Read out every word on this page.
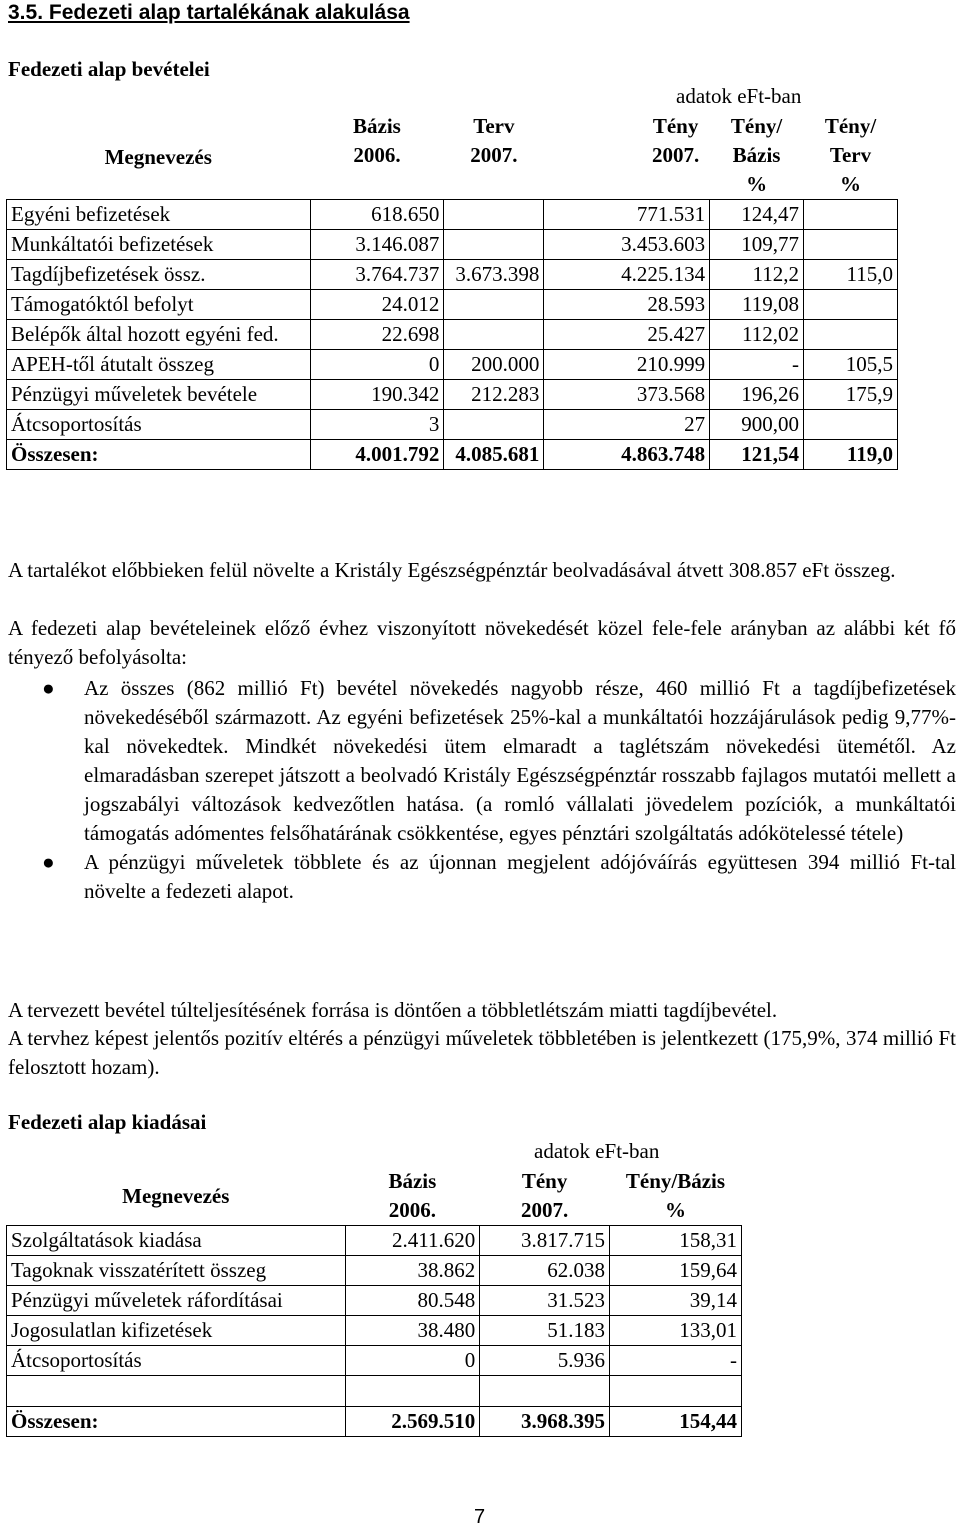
3.5. Fedezeti alap tartalékának alakulása
Fedezeti alap bevételei
adatok eFt-ban
Megnevezés	Bázis 2006.	Terv 2007.	Tény 2007.	Tény/ Bázis %	Tény/ Terv %
Egyéni befizetések	618.650		771.531	124,47	
Munkáltatói befizetések	3.146.087		3.453.603	109,77	
Tagdíjbefizetések össz.	3.764.737	3.673.398	4.225.134	112,2	115,0
Támogatóktól befolyt	24.012		28.593	119,08	
Belépők által hozott egyéni fed.	22.698		25.427	112,02	
APEH-től átutalt összeg	0	200.000	210.999	-	105,5
Pénzügyi műveletek bevétele	190.342	212.283	373.568	196,26	175,9
Átcsoportosítás	3		27	900,00	
Összesen:	4.001.792	4.085.681	4.863.748	121,54	119,0
A tartalékot előbbieken felül növelte a Kristály Egészségpénztár beolvadásával átvett 308.857 eFt összeg.
A fedezeti alap bevételeinek előző évhez viszonyított növekedését közel fele-fele arányban az alábbi két fő tényező befolyásolta:
● Az összes (862 millió Ft) bevétel növekedés nagyobb része, 460 millió Ft a tagdíjbefizetések növekedéséből származott. Az egyéni befizetések 25%-kal a munkáltatói hozzájárulások pedig 9,77%-kal növekedtek. Mindkét növekedési ütem elmaradt a taglétszám növekedési ütemétől. Az elmaradásban szerepet játszott a beolvadó Kristály Egészségpénztár rosszabb fajlagos mutatói mellett a jogszabályi változások kedvezőtlen hatása. (a romló vállalati jövedelem pozíciók, a munkáltatói támogatás adómentes felsőhatárának csökkentése, egyes pénztári szolgáltatás adókötelessé tétele)
● A pénzügyi műveletek többlete és az újonnan megjelent adójóváírás együttesen 394 millió Ft-tal növelte a fedezeti alapot.
A tervezett bevétel túlteljesítésének forrása is döntően a többletlétszám miatti tagdíjbevétel.
A tervhez képest jelentős pozitív eltérés a pénzügyi műveletek többletében is jelentkezett (175,9%, 374 millió Ft felosztott hozam).
Fedezeti alap kiadásai
adatok eFt-ban
Megnevezés	Bázis 2006.	Tény 2007.	Tény/Bázis %
Szolgáltatások kiadása	2.411.620	3.817.715	158,31
Tagoknak visszatérített összeg	38.862	62.038	159,64
Pénzügyi műveletek ráfordításai	80.548	31.523	39,14
Jogosulatlan kifizetések	38.480	51.183	133,01
Átcsoportosítás	0	5.936	-

Összesen:	2.569.510	3.968.395	154,44
7
